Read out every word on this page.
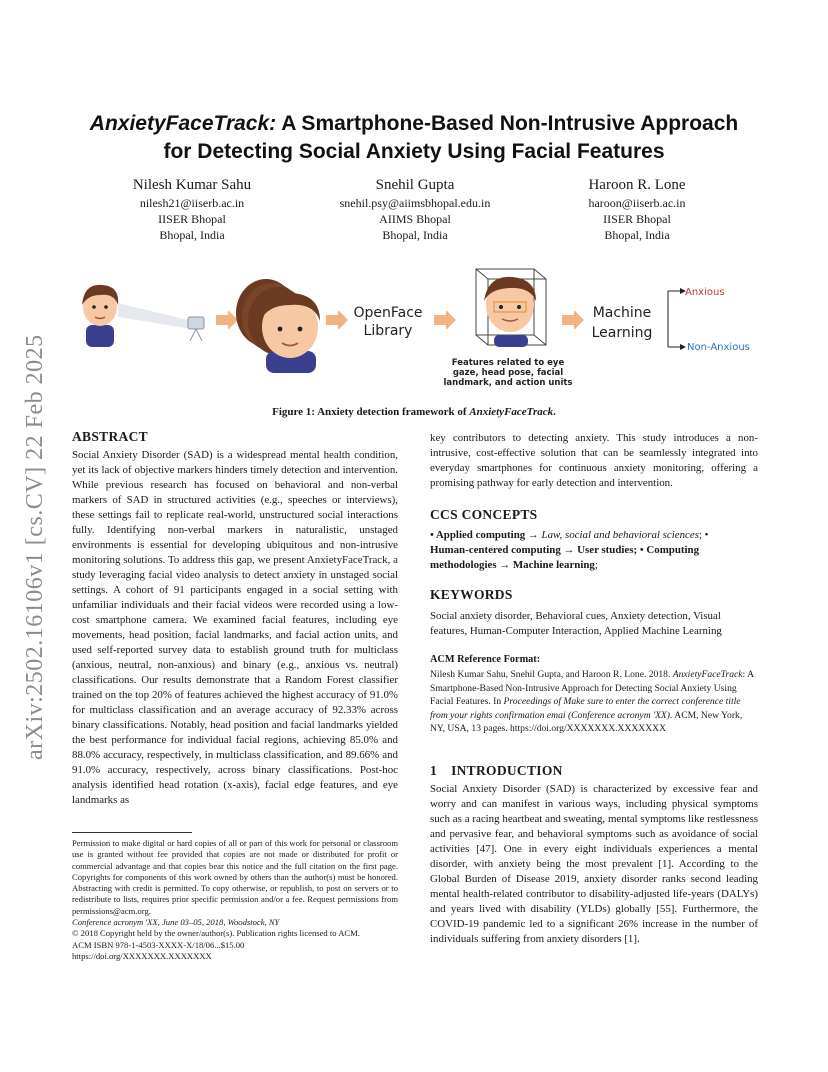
arXiv:2502.16106v1 [cs.CV] 22 Feb 2025
AnxietyFaceTrack: A Smartphone-Based Non-Intrusive Approach
for Detecting Social Anxiety Using Facial Features
Nilesh Kumar Sahu
nilesh21@iiserb.ac.in
IISER Bhopal
Bhopal, India
Snehil Gupta
snehil.psy@aiimsbhopal.edu.in
AIIMS Bhopal
Bhopal, India
Haroon R. Lone
haroon@iiserb.ac.in
IISER Bhopal
Bhopal, India
OpenFace
Library
Features related to eye
gaze, head pose, facial
landmark, and action units
Machine
Learning
Anxious
Non-Anxious
Figure 1: Anxiety detection framework of AnxietyFaceTrack.
ABSTRACT
Social Anxiety Disorder (SAD) is a widespread mental health condition, yet its lack of objective markers hinders timely detection and intervention. While previous research has focused on behavioral and non-verbal markers of SAD in structured activities (e.g., speeches or interviews), these settings fail to replicate real-world, unstructured social interactions fully. Identifying non-verbal markers in naturalistic, unstaged environments is essential for developing ubiquitous and non-intrusive monitoring solutions. To address this gap, we present AnxietyFaceTrack, a study leveraging facial video analysis to detect anxiety in unstaged social settings. A cohort of 91 participants engaged in a social setting with unfamiliar individuals and their facial videos were recorded using a low-cost smartphone camera. We examined facial features, including eye movements, head position, facial landmarks, and facial action units, and used self-reported survey data to establish ground truth for multiclass (anxious, neutral, non-anxious) and binary (e.g., anxious vs. neutral) classifications. Our results demonstrate that a Random Forest classifier trained on the top 20% of features achieved the highest accuracy of 91.0% for multiclass classification and an average accuracy of 92.33% across binary classifications. Notably, head position and facial landmarks yielded the best performance for individual facial regions, achieving 85.0% and 88.0% accuracy, respectively, in multiclass classification, and 89.66% and 91.0% accuracy, respectively, across binary classifications. Post-hoc analysis identified head rotation (x-axis), facial edge features, and eye landmarks as
Permission to make digital or hard copies of all or part of this work for personal or classroom use is granted without fee provided that copies are not made or distributed for profit or commercial advantage and that copies bear this notice and the full citation on the first page. Copyrights for components of this work owned by others than the author(s) must be honored. Abstracting with credit is permitted. To copy otherwise, or republish, to post on servers or to redistribute to lists, requires prior specific permission and/or a fee. Request permissions from permissions@acm.org.
Conference acronym 'XX, June 03–05, 2018, Woodstock, NY
© 2018 Copyright held by the owner/author(s). Publication rights licensed to ACM.
ACM ISBN 978-1-4503-XXXX-X/18/06...$15.00
https://doi.org/XXXXXXX.XXXXXXX
key contributors to detecting anxiety. This study introduces a non-intrusive, cost-effective solution that can be seamlessly integrated into everyday smartphones for continuous anxiety monitoring, offering a promising pathway for early detection and intervention.
CCS CONCEPTS
• Applied computing → Law, social and behavioral sciences; •
Human-centered computing → User studies; • Computing
methodologies → Machine learning;
KEYWORDS
Social anxiety disorder, Behavioral cues, Anxiety detection, Visual features, Human-Computer Interaction, Applied Machine Learning
ACM Reference Format:
Nilesh Kumar Sahu, Snehil Gupta, and Haroon R. Lone. 2018. AnxietyFaceTrack: A Smartphone-Based Non-Intrusive Approach for Detecting Social Anxiety Using Facial Features. In Proceedings of Make sure to enter the correct conference title from your rights confirmation emai (Conference acronym 'XX). ACM, New York, NY, USA, 13 pages. https://doi.org/XXXXXXX.XXXXXXX
1 INTRODUCTION
Social Anxiety Disorder (SAD) is characterized by excessive fear and worry and can manifest in various ways, including physical symptoms such as a racing heartbeat and sweating, mental symptoms like restlessness and pervasive fear, and behavioral symptoms such as avoidance of social activities [47]. One in every eight individuals experiences a mental disorder, with anxiety being the most prevalent [1]. According to the Global Burden of Disease 2019, anxiety disorder ranks second leading mental health-related contributor to disability-adjusted life-years (DALYs) and years lived with disability (YLDs) globally [55]. Furthermore, the COVID-19 pandemic led to a significant 26% increase in the number of individuals suffering from anxiety disorders [1].
